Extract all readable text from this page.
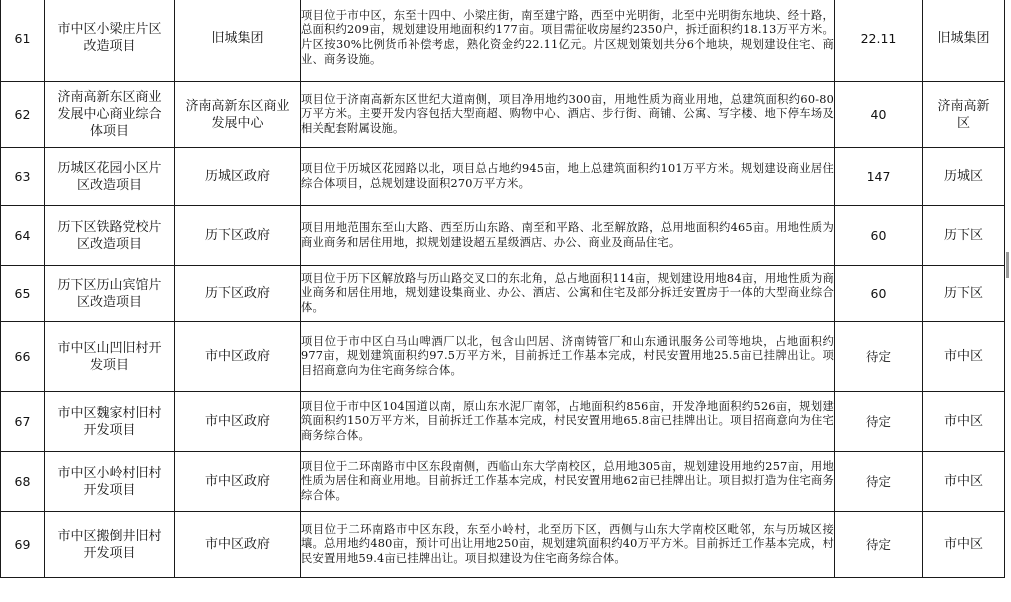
61	市中区小梁庄片区改造项目	旧城集团	项目位于市中区，东至十四中、小梁庄街，南至建宁路，西至中光明街，北至中光明街东地块、经十路，总面积约209亩，规划建设用地面积约177亩。项目需征收房屋约2350户，拆迁面积约18.13万平方米。片区按30%比例货币补偿考虑，熟化资金约22.11亿元。片区规划策划共分6个地块，规划建设住宅、商业、商务设施。	22.11	旧城集团

62	济南高新东区商业发展中心商业综合体项目	济南高新东区商业发展中心	项目位于济南高新东区世纪大道南侧，项目净用地约300亩，用地性质为商业用地，总建筑面积约60-80万平方米。主要开发内容包括大型商超、购物中心、酒店、步行街、商铺、公寓、写字楼、地下停车场及相关配套附属设施。	40	济南高新区

63	历城区花园小区片区改造项目	历城区政府	项目位于历城区花园路以北，项目总占地约945亩，地上总建筑面积约101万平方米。规划建设商业居住综合体项目，总规划建设面积270万平方米。	147	历城区

64	历下区铁路党校片区改造项目	历下区政府	项目用地范围东至山大路、西至历山东路、南至和平路、北至解放路，总用地面积约465亩。用地性质为商业商务和居住用地，拟规划建设超五星级酒店、办公、商业及商品住宅。	60	历下区

65	历下区历山宾馆片区改造项目	历下区政府	项目位于历下区解放路与历山路交叉口的东北角，总占地面积114亩，规划建设用地84亩，用地性质为商业商务和居住用地，规划建设集商业、办公、酒店、公寓和住宅及部分拆迁安置房于一体的大型商业综合体。	60	历下区

66	市中区山凹旧村开发项目	市中区政府	项目位于市中区白马山啤酒厂以北，包含山凹居、济南铸管厂和山东通讯服务公司等地块，占地面积约977亩，规划建筑面积约97.5万平方米，目前拆迁工作基本完成，村民安置用地25.5亩已挂牌出让。项目招商意向为住宅商务综合体。	待定	市中区

67	市中区魏家村旧村开发项目	市中区政府	项目位于市中区104国道以南，原山东水泥厂南邻，占地面积约856亩，开发净地面积约526亩，规划建筑面积约150万平方米，目前拆迁工作基本完成，村民安置用地65.8亩已挂牌出让。项目招商意向为住宅商务综合体。	待定	市中区

68	市中区小岭村旧村开发项目	市中区政府	项目位于二环南路市中区东段南侧，西临山东大学南校区，总用地305亩，规划建设用地约257亩，用地性质为居住和商业用地。目前拆迁工作基本完成，村民安置用地62亩已挂牌出让。项目拟打造为住宅商务综合体。	待定	市中区

69	市中区搬倒井旧村开发项目	市中区政府	项目位于二环南路市中区东段，东至小岭村，北至历下区，西侧与山东大学南校区毗邻，东与历城区接壤。总用地约480亩，预计可出让用地250亩，规划建筑面积约40万平方米。目前拆迁工作基本完成，村民安置用地59.4亩已挂牌出让。项目拟建设为住宅商务综合体。	待定	市中区
